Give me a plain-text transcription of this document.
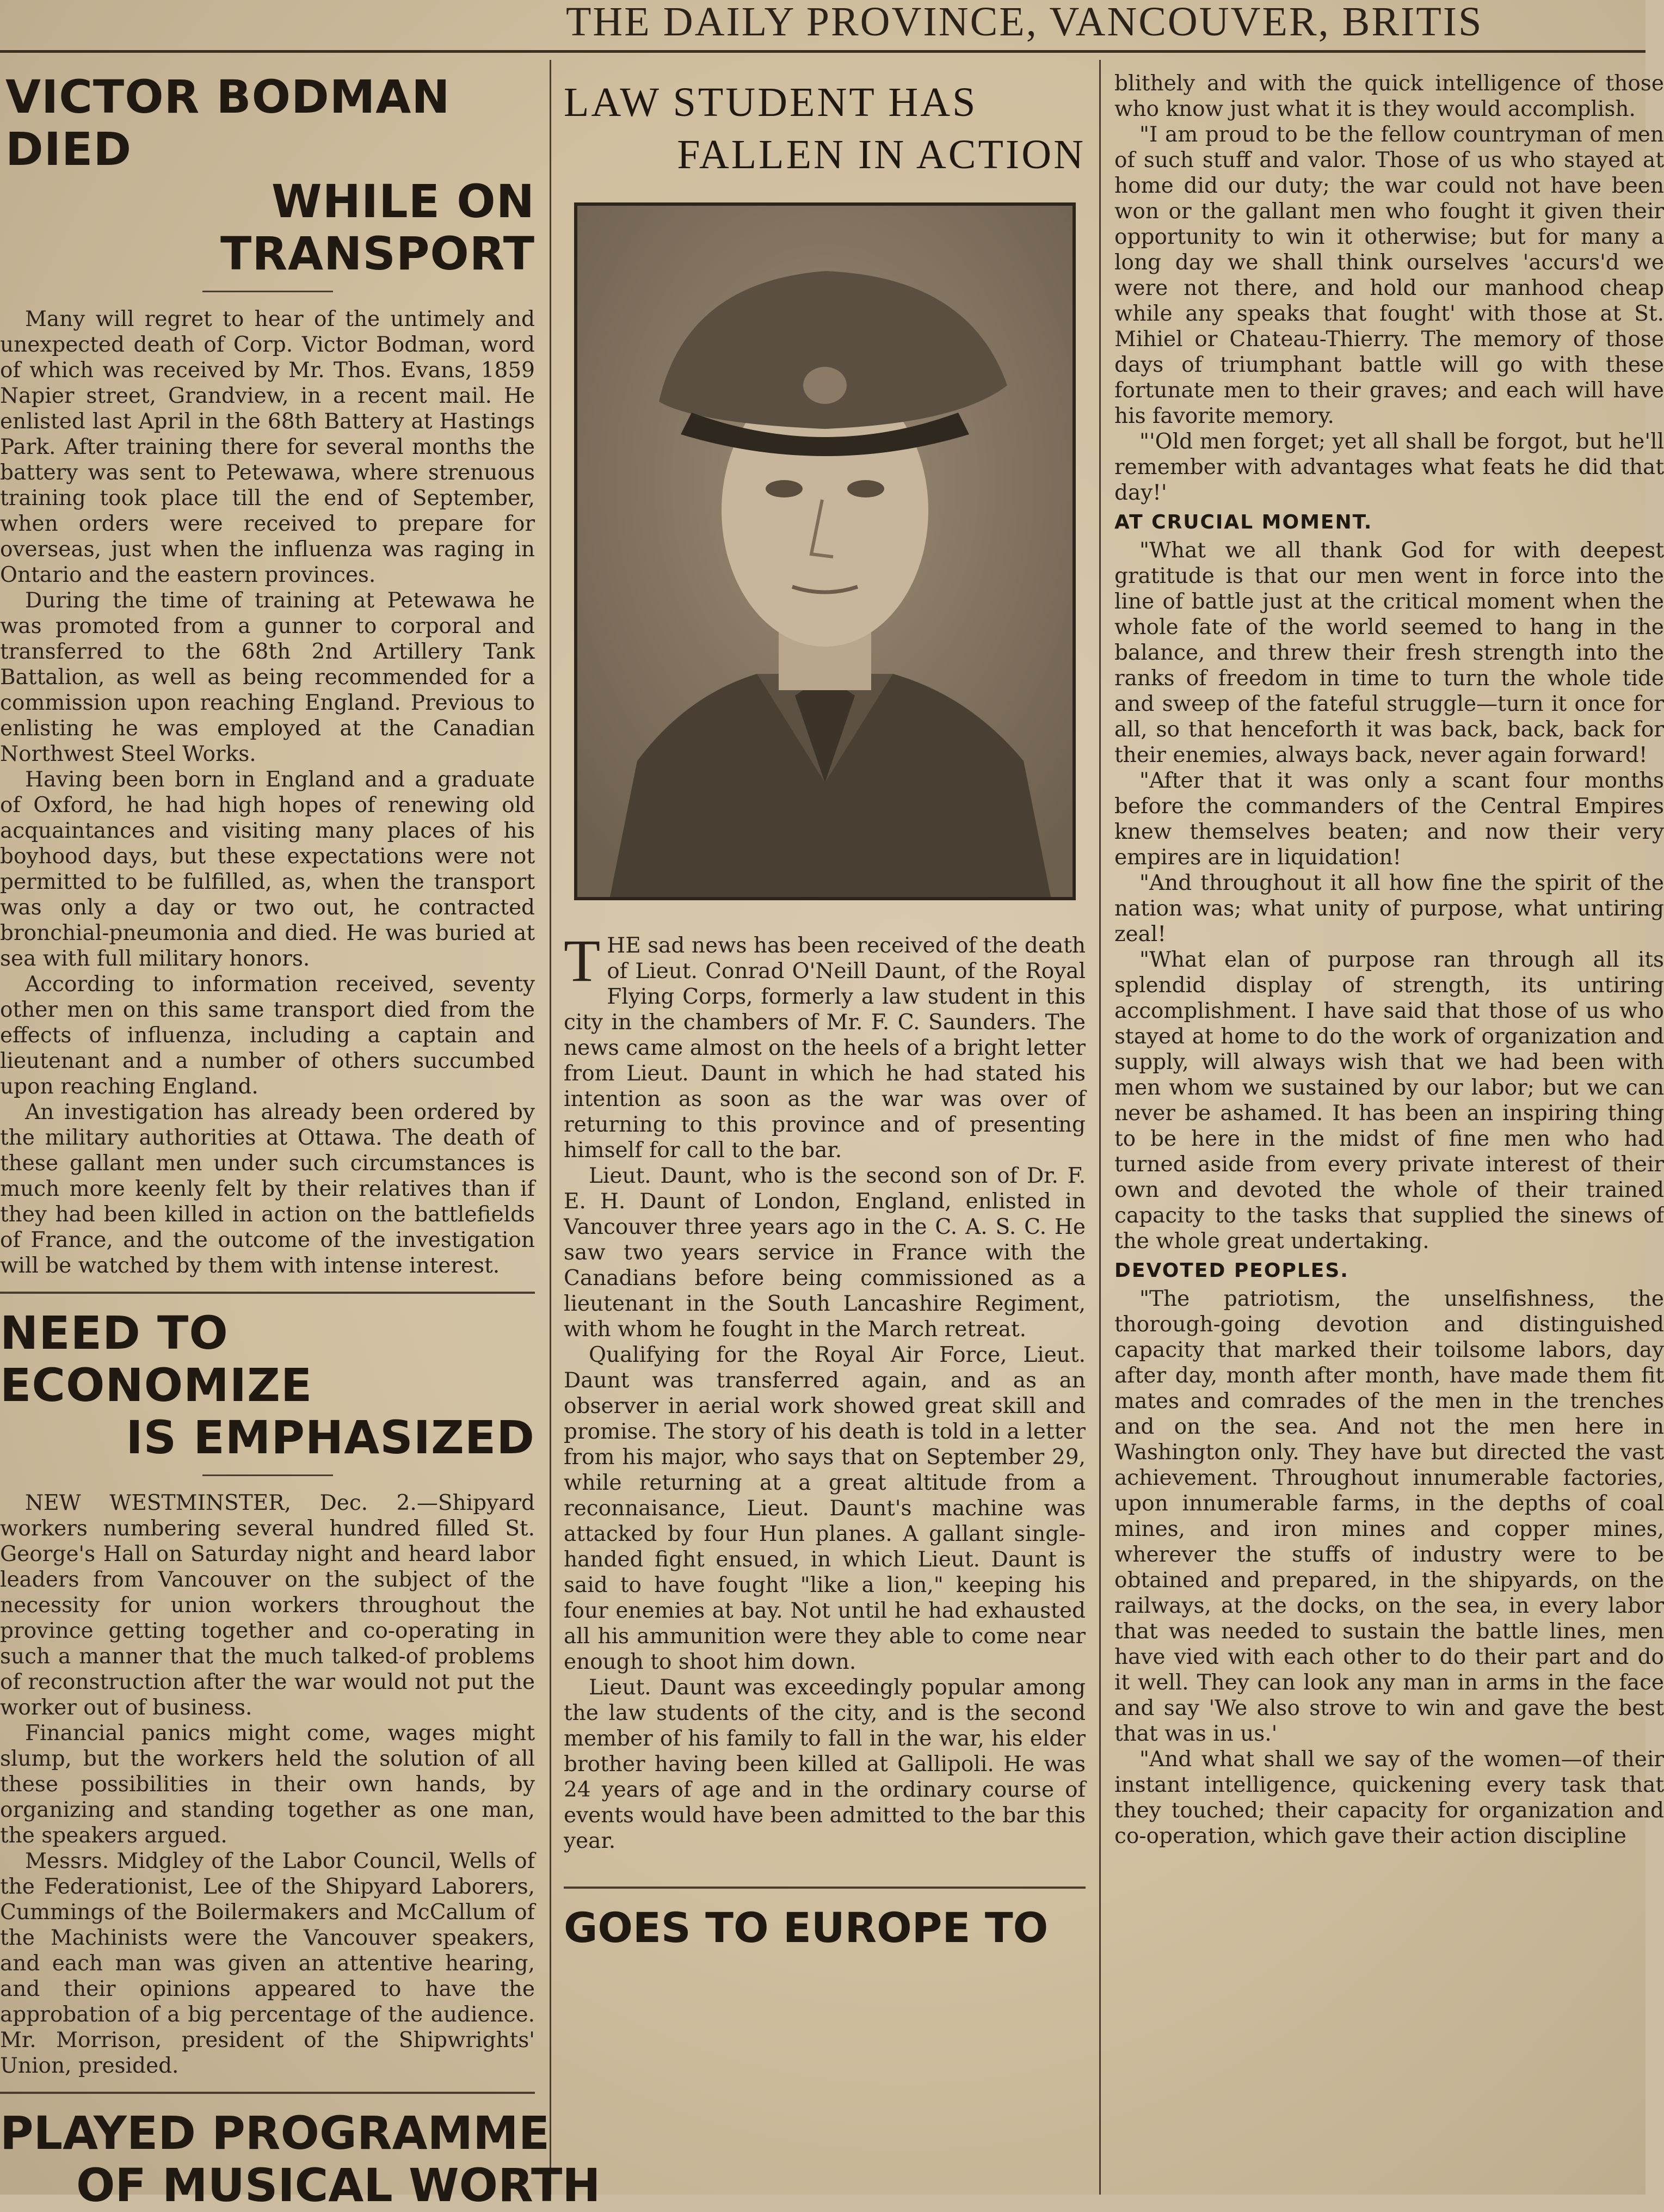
THE DAILY PROVINCE, VANCOUVER, BRITIS
VICTOR BODMAN DIED
WHILE ON TRANSPORT

Many will regret to hear of the untimely and unexpected death of Corp. Victor Bodman, word of which was received by Mr. Thos. Evans, 1859 Napier street, Grandview, in a recent mail. He enlisted last April in the 68th Battery at Hastings Park. After training there for several months the battery was sent to Petewawa, where strenuous training took place till the end of September, when orders were received to prepare for overseas, just when the influenza was raging in Ontario and the eastern provinces.

During the time of training at Petewawa he was promoted from a gunner to corporal and transferred to the 68th 2nd Artillery Tank Battalion, as well as being recommended for a commission upon reaching England. Previous to enlisting he was employed at the Canadian Northwest Steel Works.

Having been born in England and a graduate of Oxford, he had high hopes of renewing old acquaintances and visiting many places of his boyhood days, but these expectations were not permitted to be fulfilled, as, when the transport was only a day or two out, he contracted bronchial-pneumonia and died. He was buried at sea with full military honors.

According to information received, seventy other men on this same transport died from the effects of influenza, including a captain and lieutenant and a number of others succumbed upon reaching England.

An investigation has already been ordered by the military authorities at Ottawa. The death of these gallant men under such circumstances is much more keenly felt by their relatives than if they had been killed in action on the battlefields of France, and the outcome of the investigation will be watched by them with intense interest.

NEED TO ECONOMIZE
IS EMPHASIZED

NEW WESTMINSTER, Dec. 2.—Shipyard workers numbering several hundred filled St. George's Hall on Saturday night and heard labor leaders from Vancouver on the subject of the necessity for union workers throughout the province getting together and co-operating in such a manner that the much talked-of problems of reconstruction after the war would not put the worker out of business.

Financial panics might come, wages might slump, but the workers held the solution of all these possibilities in their own hands, by organizing and standing together as one man, the speakers argued.

Messrs. Midgley of the Labor Council, Wells of the Federationist, Lee of the Shipyard Laborers, Cummings of the Boilermakers and McCallum of the Machinists were the Vancouver speakers, and each man was given an attentive hearing, and their opinions appeared to have the approbation of a big percentage of the audience. Mr. Morrison, president of the Shipwrights' Union, presided.

PLAYED PROGRAMME
OF MUSICAL WORTH
LAW STUDENT HAS
FALLEN IN ACTION

THE sad news has been received of the death of Lieut. Conrad O'Neill Daunt, of the Royal Flying Corps, formerly a law student in this city in the chambers of Mr. F. C. Saunders. The news came almost on the heels of a bright letter from Lieut. Daunt in which he had stated his intention as soon as the war was over of returning to this province and of presenting himself for call to the bar.

Lieut. Daunt, who is the second son of Dr. F. E. H. Daunt of London, England, enlisted in Vancouver three years ago in the C. A. S. C. He saw two years service in France with the Canadians before being commissioned as a lieutenant in the South Lancashire Regiment, with whom he fought in the March retreat.

Qualifying for the Royal Air Force, Lieut. Daunt was transferred again, and as an observer in aerial work showed great skill and promise. The story of his death is told in a letter from his major, who says that on September 29, while returning at a great altitude from a reconnaisance, Lieut. Daunt's machine was attacked by four Hun planes. A gallant single-handed fight ensued, in which Lieut. Daunt is said to have fought "like a lion," keeping his four enemies at bay. Not until he had exhausted all his ammunition were they able to come near enough to shoot him down.

Lieut. Daunt was exceedingly popular among the law students of the city, and is the second member of his family to fall in the war, his elder brother having been killed at Gallipoli. He was 24 years of age and in the ordinary course of events would have been admitted to the bar this year.

GOES TO EUROPE TO

blithely and with the quick intelligence of those who know just what it is they would accomplish.

"I am proud to be the fellow countryman of men of such stuff and valor. Those of us who stayed at home did our duty; the war could not have been won or the gallant men who fought it given their opportunity to win it otherwise; but for many a long day we shall think ourselves 'accurs'd we were not there, and hold our manhood cheap while any speaks that fought' with those at St. Mihiel or Chateau-Thierry. The memory of those days of triumphant battle will go with these fortunate men to their graves; and each will have his favorite memory.

"'Old men forget; yet all shall be forgot, but he'll remember with advantages what feats he did that day!'

AT CRUCIAL MOMENT.

"What we all thank God for with deepest gratitude is that our men went in force into the line of battle just at the critical moment when the whole fate of the world seemed to hang in the balance, and threw their fresh strength into the ranks of freedom in time to turn the whole tide and sweep of the fateful struggle—turn it once for all, so that henceforth it was back, back, back for their enemies, always back, never again forward!

"After that it was only a scant four months before the commanders of the Central Empires knew themselves beaten; and now their very empires are in liquidation!

"And throughout it all how fine the spirit of the nation was; what unity of purpose, what untiring zeal!

"What elan of purpose ran through all its splendid display of strength, its untiring accomplishment. I have said that those of us who stayed at home to do the work of organization and supply, will always wish that we had been with men whom we sustained by our labor; but we can never be ashamed. It has been an inspiring thing to be here in the midst of fine men who had turned aside from every private interest of their own and devoted the whole of their trained capacity to the tasks that supplied the sinews of the whole great undertaking.

DEVOTED PEOPLES.

"The patriotism, the unselfishness, the thorough-going devotion and distinguished capacity that marked their toilsome labors, day after day, month after month, have made them fit mates and comrades of the men in the trenches and on the sea. And not the men here in Washington only. They have but directed the vast achievement. Throughout innumerable factories, upon innumerable farms, in the depths of coal mines, and iron mines and copper mines, wherever the stuffs of industry were to be obtained and prepared, in the shipyards, on the railways, at the docks, on the sea, in every labor that was needed to sustain the battle lines, men have vied with each other to do their part and do it well. They can look any man in arms in the face and say 'We also strove to win and gave the best that was in us.'

"And what shall we say of the women—of their instant intelligence, quickening every task that they touched; their capacity for organization and co-operation, which gave their action discipline
